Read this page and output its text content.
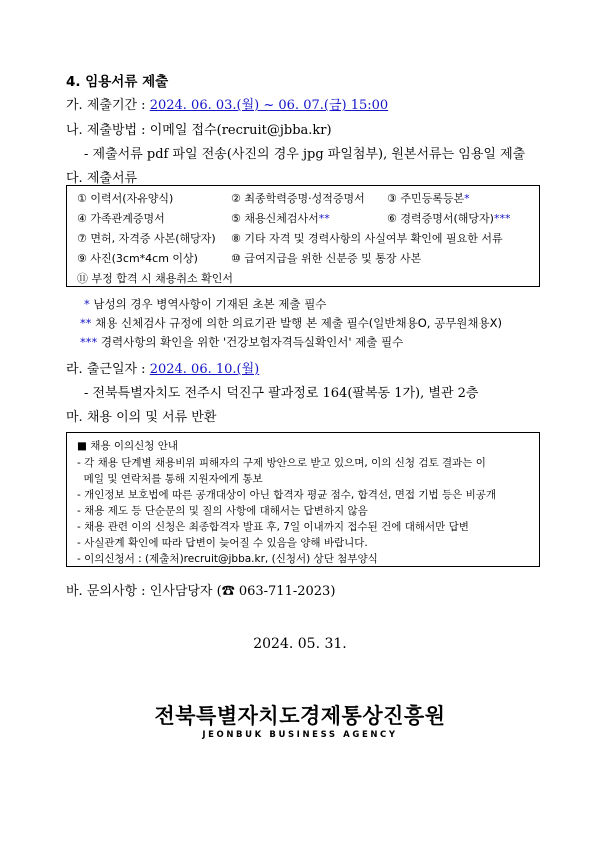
4. 임용서류 제출
가. 제출기간 : 2024. 06. 03.(월) ~ 06. 07.(금) 15:00
나. 제출방법 : 이메일 접수(recruit@jbba.kr)
- 제출서류 pdf 파일 전송(사진의 경우 jpg 파일첨부), 원본서류는 임용일 제출
다. 제출서류
① 이력서(자유양식)	② 최종학력증명·성적증명서 ③ 주민등록등본*
④ 가족관계증명서	⑤ 채용신체검사서**	⑥ 경력증명서(해당자)***
⑦ 면허, 자격증 사본(해당자) ⑧ 기타 자격 및 경력사항의 사실여부 확인에 필요한 서류
⑨ 사진(3cm*4cm 이상)	⑩ 급여지급을 위한 신분증 및 통장 사본
⑪ 부정 합격 시 채용취소 확인서
* 남성의 경우 병역사항이 기재된 초본 제출 필수
** 채용 신체검사 규정에 의한 의료기관 발행 본 제출 필수(일반채용O, 공무원채용X)
*** 경력사항의 확인을 위한 '건강보험자격득실확인서' 제출 필수
라. 출근일자 : 2024. 06. 10.(월)
- 전북특별자치도 전주시 덕진구 팔과정로 164(팔복동 1가), 별관 2층
마. 채용 이의 및 서류 반환
■ 채용 이의신청 안내
- 각 채용 단계별 채용비위 피해자의 구제 방안으로 받고 있으며, 이의 신청 검토 결과는 이
메일 및 연락처를 통해 지원자에게 통보
- 개인정보 보호법에 따른 공개대상이 아닌 합격자 평균 점수, 합격선, 면접 기법 등은 비공개
- 채용 제도 등 단순문의 및 질의 사항에 대해서는 답변하지 않음
- 채용 관련 이의 신청은 최종합격자 발표 후, 7일 이내까지 접수된 건에 대해서만 답변
- 사실관계 확인에 따라 답변이 늦어질 수 있음을 양해 바랍니다.
- 이의신청서 : (제출처)recruit@jbba.kr, (신청서) 상단 첨부양식
바. 문의사항 : 인사담당자 (☎ 063-711-2023)
2024. 05. 31.
전북특별자치도경제통상진흥원
JEONBUK BUSINESS AGENCY
